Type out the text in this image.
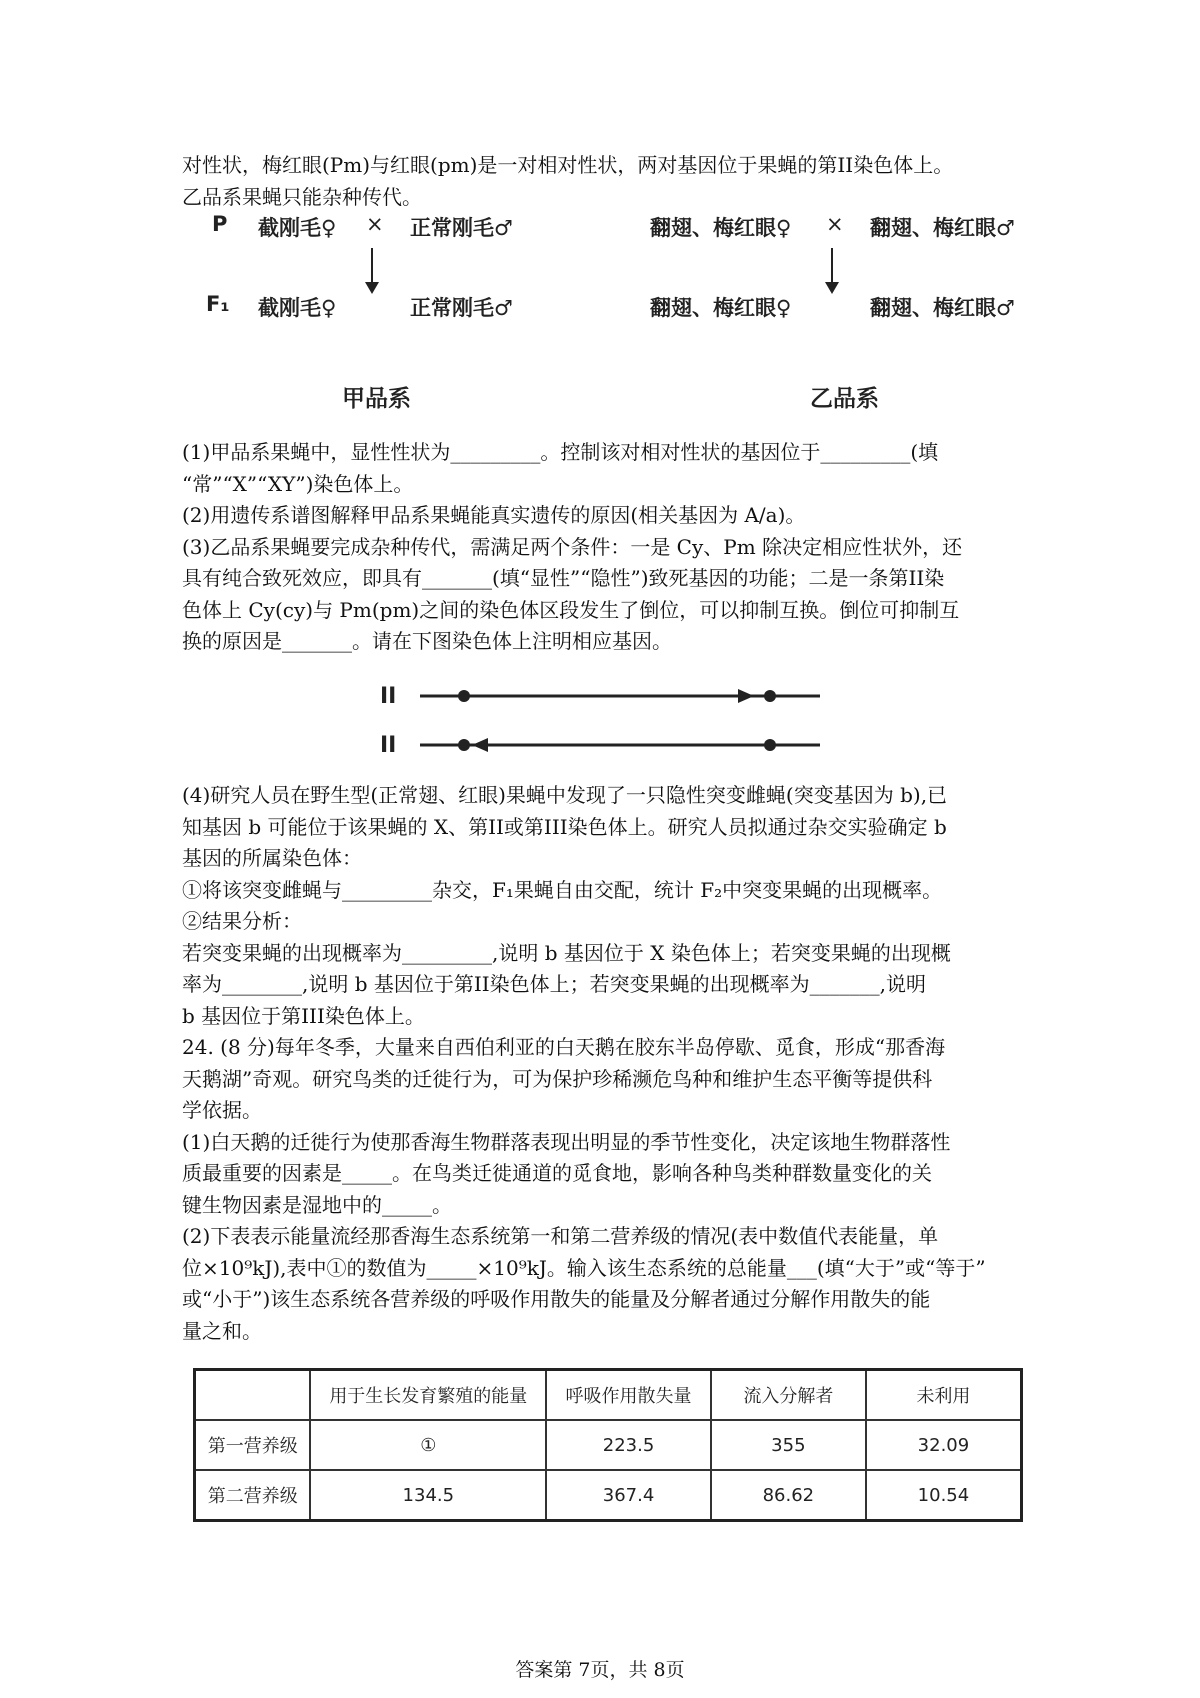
对性状，梅红眼(Pm)与红眼(pm)是一对相对性状，两对基因位于果蝇的第II染色体上。

乙品系果蝇只能杂种传代。

P 截刚毛♀ × 正常刚毛♂
F₁ 截刚毛♀	正常刚毛♂
甲品系
翻翅、梅红眼♀ × 翻翅、梅红眼♂
翻翅、梅红眼♀	翻翅、梅红眼♂
乙品系

(1)甲品系果蝇中，显性性状为_________。控制该对相对性状的基因位于_________(填

“常”“X”“XY”)染色体上。

(2)用遗传系谱图解释甲品系果蝇能真实遗传的原因(相关基因为 A/a)。

(3)乙品系果蝇要完成杂种传代，需满足两个条件：一是 Cy、Pm 除决定相应性状外，还

具有纯合致死效应，即具有_______(填“显性”“隐性”)致死基因的功能；二是一条第II染

色体上 Cy(cy)与 Pm(pm)之间的染色体区段发生了倒位，可以抑制互换。倒位可抑制互

换的原因是_______。请在下图染色体上注明相应基因。

II
II

(4)研究人员在野生型(正常翅、红眼)果蝇中发现了一只隐性突变雌蝇(突变基因为 b),已

知基因 b 可能位于该果蝇的 X、第II或第III染色体上。研究人员拟通过杂交实验确定 b

基因的所属染色体：

①将该突变雌蝇与_________杂交，F₁果蝇自由交配，统计 F₂中突变果蝇的出现概率。

②结果分析：

若突变果蝇的出现概率为_________,说明 b 基因位于 X 染色体上；若突变果蝇的出现概

率为________,说明 b 基因位于第II染色体上；若突变果蝇的出现概率为_______,说明

b 基因位于第III染色体上。

24. (8 分)每年冬季，大量来自西伯利亚的白天鹅在胶东半岛停歇、觅食，形成“那香海

天鹅湖”奇观。研究鸟类的迁徙行为，可为保护珍稀濒危鸟种和维护生态平衡等提供科

学依据。

(1)白天鹅的迁徙行为使那香海生物群落表现出明显的季节性变化，决定该地生物群落性

质最重要的因素是_____。在鸟类迁徙通道的觅食地，影响各种鸟类种群数量变化的关

键生物因素是湿地中的_____。

(2)下表表示能量流经那香海生态系统第一和第二营养级的情况(表中数值代表能量，单

位×10⁹kJ),表中①的数值为_____×10⁹kJ。输入该生态系统的总能量___(填“大于”或“等于”

或“小于”)该生态系统各营养级的呼吸作用散失的能量及分解者通过分解作用散失的能

量之和。

	用于生长发育繁殖的能量	呼吸作用散失量	流入分解者	未利用
第一营养级	①	223.5	355	32.09
第二营养级	134.5	367.4	86.62	10.54
答案第 7页，共 8页
